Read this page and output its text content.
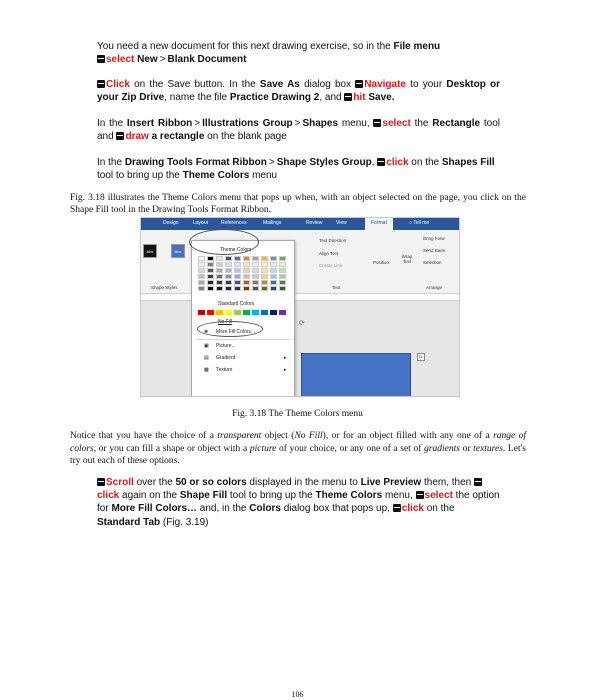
You need a new document for this next drawing exercise, so in the File menu
select New > Blank Document
Click on the Save button. In the Save As dialog box Navigate to your Desktop or your Zip Drive, name the file Practice Drawing 2, and hit Save.
In the Insert Ribbon > Illustrations Group > Shapes menu, select the Rectangle tool and draw a rectangle on the blank page
In the Drawing Tools Format Ribbon > Shape Styles Group, click on the Shapes Fill tool to bring up the Theme Colors menu
Fig. 3.18 illustrates the Theme Colors menu that pops up when, with an object selected on the page, you click on the Shape Fill tool in the Drawing Tools Format Ribbon.
Design	Layout	References	Mailings	Review	View	Format	○ Tell me
Abc	Abc
Shape Styles
Text Direction
Align Text
Create Link
Text
Position
Wrap Text
Bring Forw
Send Back
Selection
Arrange
⟳
⊔
Theme Colors
Standard Colors
No Fill
❀ More Fill Colors...
▣ Picture...
▤ Gradient	▸
▩ Texture	▸
Fig. 3.18 The Theme Colors menu
Notice that you have the choice of a transparent object (No Fill), or for an object filled with any one of a range of colors, or you can fill a shape or object with a picture of your choice, or any one of a set of gradients or textures. Let's try out each of these options.
Scroll over the 50 or so colors displayed in the menu to Live Preview them, then click again on the Shape Fill tool to bring up the Theme Colors menu, select the option for More Fill Colors… and, in the Colors dialog box that pops up, click on the Standard Tab (Fig. 3.19)
106
